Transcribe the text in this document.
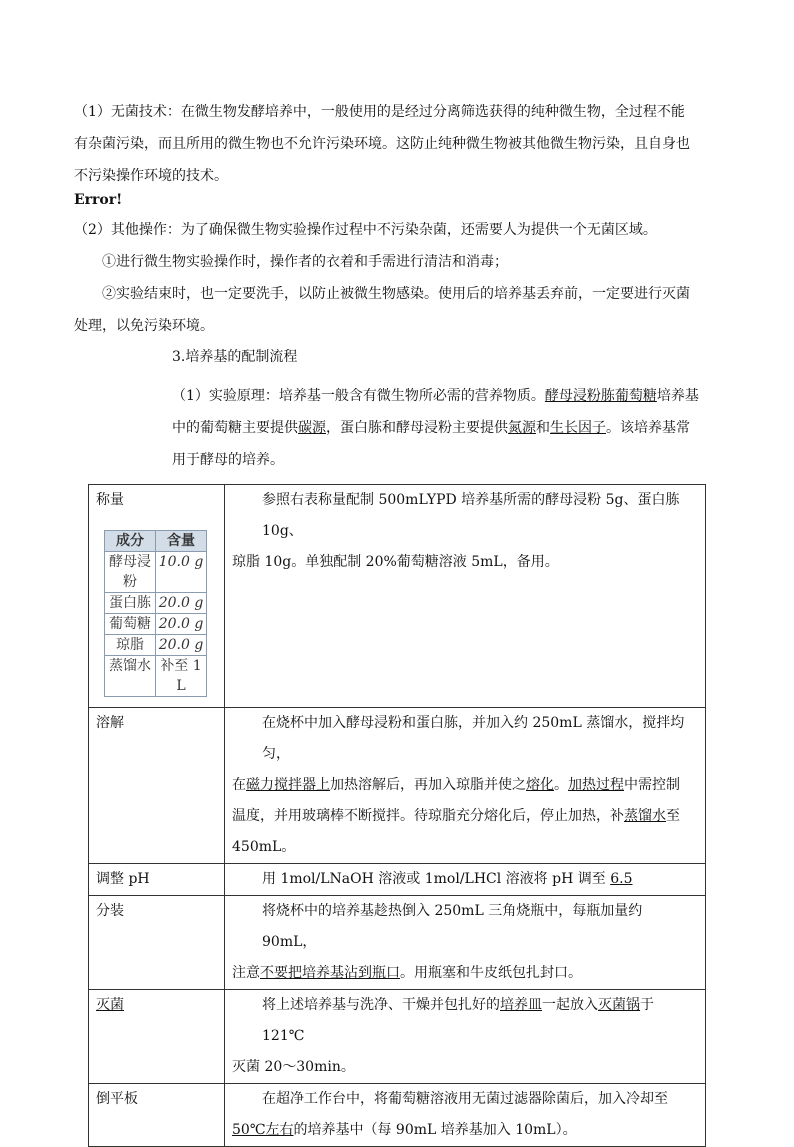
（1）无菌技术：在微生物发酵培养中，一般使用的是经过分离筛选获得的纯种微生物，全过程不能
有杂菌污染，而且所用的微生物也不允许污染环境。这防止纯种微生物被其他微生物污染，且自身也
不污染操作环境的技术。
Error!
（2）其他操作：为了确保微生物实验操作过程中不污染杂菌，还需要人为提供一个无菌区域。
①进行微生物实验操作时，操作者的衣着和手需进行清洁和消毒；
②实验结束时，也一定要洗手，以防止被微生物感染。使用后的培养基丢弃前，一定要进行灭菌
处理，以免污染环境。
3.培养基的配制流程
（1）实验原理：培养基一般含有微生物所必需的营养物质。酵母浸粉胨葡萄糖培养基
中的葡萄糖主要提供碳源，蛋白胨和酵母浸粉主要提供氮源和生长因子。该培养基常
用于酵母的培养。
称量
成分	含量
酵母浸粉	10.0 g
蛋白胨	20.0 g
葡萄糖	20.0 g
琼脂	20.0 g
蒸馏水	补至 1 L
	参照右表称量配制 500mLYPD 培养基所需的酵母浸粉 5g、蛋白胨 10g、
琼脂 10g。单独配制 20%葡萄糖溶液 5mL，备用。
溶解	在烧杯中加入酵母浸粉和蛋白胨，并加入约 250mL 蒸馏水，搅拌均匀，
在磁力搅拌器上加热溶解后，再加入琼脂并使之熔化。加热过程中需控制
温度，并用玻璃棒不断搅拌。待琼脂充分熔化后，停止加热，补蒸馏水至
450mL。
调整 pH	用 1mol/LNaOH 溶液或 1mol/LHCl 溶液将 pH 调至 6.5
分装	将烧杯中的培养基趁热倒入 250mL 三角烧瓶中，每瓶加量约 90mL，
注意不要把培养基沾到瓶口。用瓶塞和牛皮纸包扎封口。
灭菌	将上述培养基与洗净、干燥并包扎好的培养皿一起放入灭菌锅于 121℃
灭菌 20～30min。
倒平板	在超净工作台中，将葡萄糖溶液用无菌过滤器除菌后，加入冷却至
50℃左右的培养基中（每 90mL 培养基加入 10mL）。
